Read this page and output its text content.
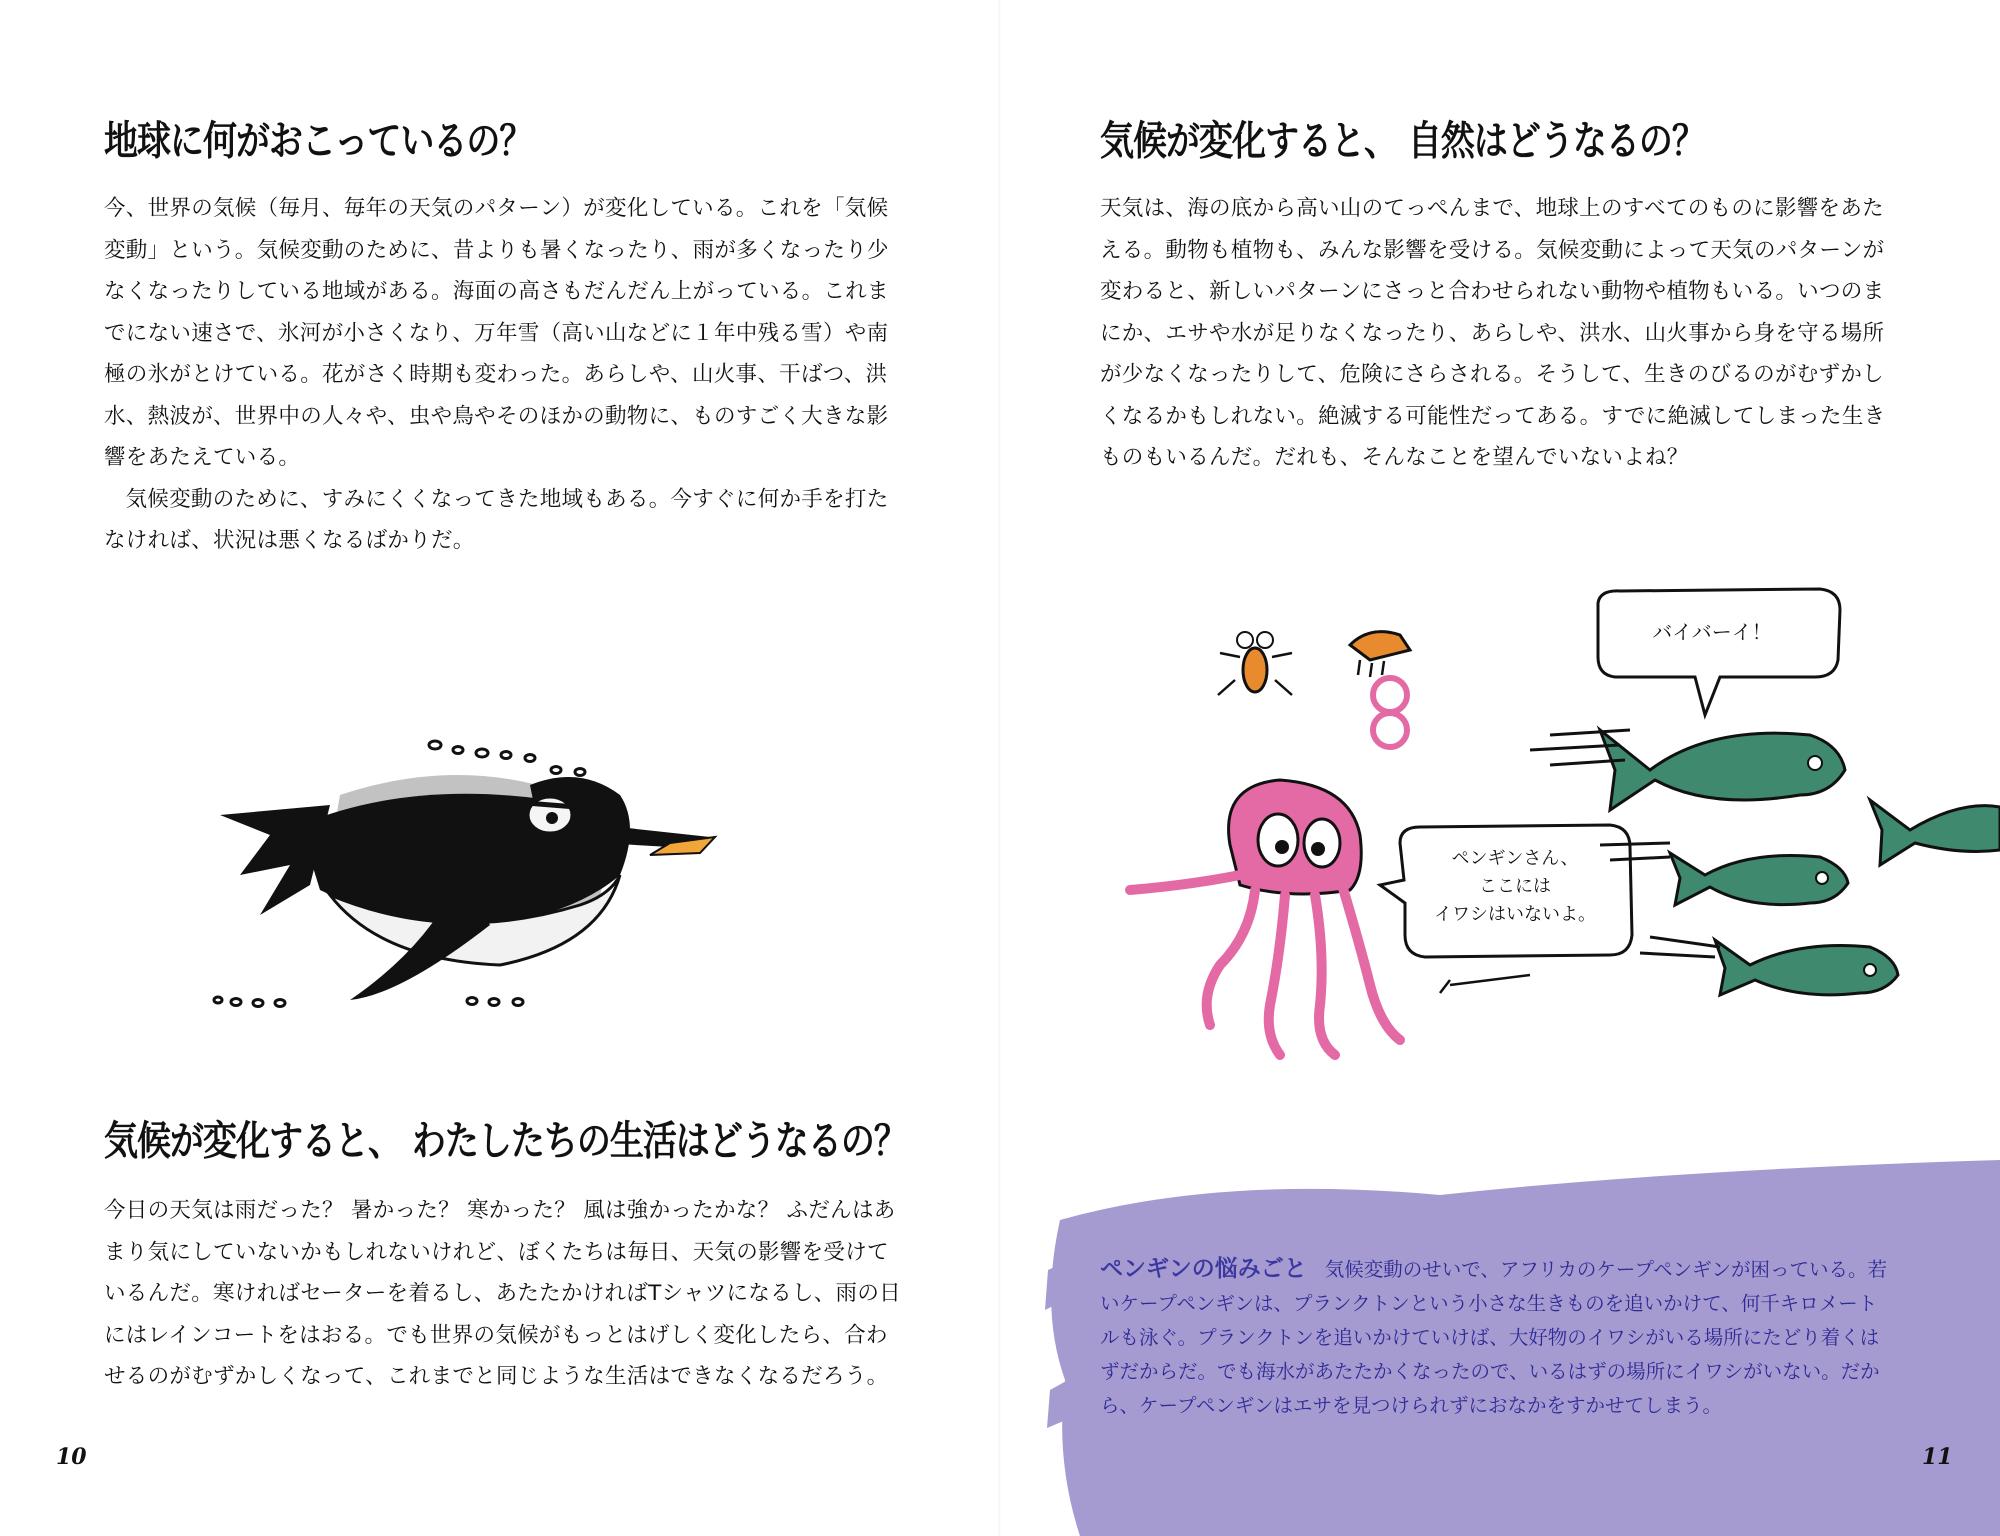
地球に何がおこっているの？

今、世界の気候（毎月、毎年の天気のパターン）が変化している。これを「気候変動」という。気候変動のために、昔よりも暑くなったり、雨が多くなったり少なくなったりしている地域がある。海面の高さもだんだん上がっている。これまでにない速さで、氷河が小さくなり、万年雪（高い山などに１年中残る雪）や南極の氷がとけている。花がさく時期も変わった。あらしや、山火事、干ばつ、洪水、熱波が、世界中の人々や、虫や鳥やそのほかの動物に、ものすごく大きな影響をあたえている。

気候変動のために、すみにくくなってきた地域もある。今すぐに何か手を打たなければ、状況は悪くなるばかりだ。

気候が変化すると、 わたしたちの生活はどうなるの？

今日の天気は雨だった？ 暑かった？ 寒かった？ 風は強かったかな？ ふだんはあまり気にしていないかもしれないけれど、ぼくたちは毎日、天気の影響を受けているんだ。寒ければセーターを着るし、あたたかければTシャツになるし、雨の日にはレインコートをはおる。でも世界の気候がもっとはげしく変化したら、合わせるのがむずかしくなって、これまでと同じような生活はできなくなるだろう。

10
気候が変化すると、 自然はどうなるの？

天気は、海の底から高い山のてっぺんまで、地球上のすべてのものに影響をあたえる。動物も植物も、みんな影響を受ける。気候変動によって天気のパターンが変わると、新しいパターンにさっと合わせられない動物や植物もいる。いつのまにか、エサや水が足りなくなったり、あらしや、洪水、山火事から身を守る場所が少なくなったりして、危険にさらされる。そうして、生きのびるのがむずかしくなるかもしれない。絶滅する可能性だってある。すでに絶滅してしまった生きものもいるんだ。だれも、そんなことを望んでいないよね？

バイバーイ！
ペンギンさん、
ここには
イワシはいないよ。
11

ペンギンの悩みごと 気候変動のせいで、アフリカのケープペンギンが困っている。若いケープペンギンは、プランクトンという小さな生きものを追いかけて、何千キロメートルも泳ぐ。プランクトンを追いかけていけば、大好物のイワシがいる場所にたどり着くはずだからだ。でも海水があたたかくなったので、いるはずの場所にイワシがいない。だから、ケープペンギンはエサを見つけられずにおなかをすかせてしまう。
